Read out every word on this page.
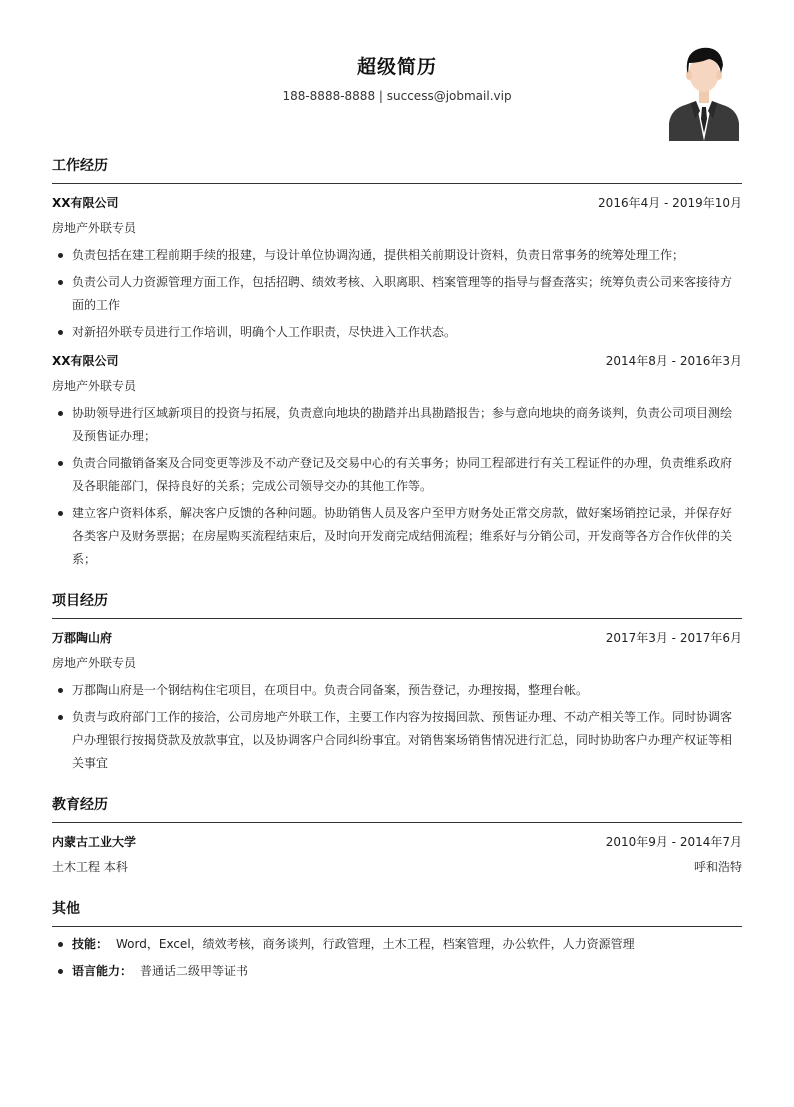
超级简历
188-8888-8888 | success@jobmail.vip
工作经历
XX有限公司	2016年4月 - 2019年10月
房地产外联专员
负责包括在建工程前期手续的报建，与设计单位协调沟通，提供相关前期设计资料，负责日常事务的统筹处理工作；
负责公司人力资源管理方面工作，包括招聘、绩效考核、入职离职、档案管理等的指导与督查落实；统筹负责公司来客接待方面的工作
对新招外联专员进行工作培训，明确个人工作职责，尽快进入工作状态。
XX有限公司	2014年8月 - 2016年3月
房地产外联专员
协助领导进行区域新项目的投资与拓展，负责意向地块的勘踏并出具勘踏报告；参与意向地块的商务谈判，负责公司项目测绘及预售证办理；
负责合同撤销备案及合同变更等涉及不动产登记及交易中心的有关事务；协同工程部进行有关工程证件的办理，负责维系政府及各职能部门，保持良好的关系；完成公司领导交办的其他工作等。
建立客户资料体系，解决客户反馈的各种问题。协助销售人员及客户至甲方财务处正常交房款，做好案场销控记录，并保存好各类客户及财务票据；在房屋购买流程结束后，及时向开发商完成结佣流程；维系好与分销公司，开发商等各方合作伙伴的关系；
项目经历
万郡陶山府	2017年3月 - 2017年6月
房地产外联专员
万郡陶山府是一个钢结构住宅项目，在项目中。负责合同备案，预告登记，办理按揭，整理台帐。
负责与政府部门工作的接洽，公司房地产外联工作，主要工作内容为按揭回款、预售证办理、不动产相关等工作。同时协调客户办理银行按揭贷款及放款事宜，以及协调客户合同纠纷事宜。对销售案场销售情况进行汇总，同时协助客户办理产权证等相关事宜
教育经历
内蒙古工业大学	2010年9月 - 2014年7月
土木工程 本科	呼和浩特
其他
技能： Word，Excel，绩效考核，商务谈判，行政管理，土木工程，档案管理，办公软件，人力资源管理
语言能力： 普通话二级甲等证书
